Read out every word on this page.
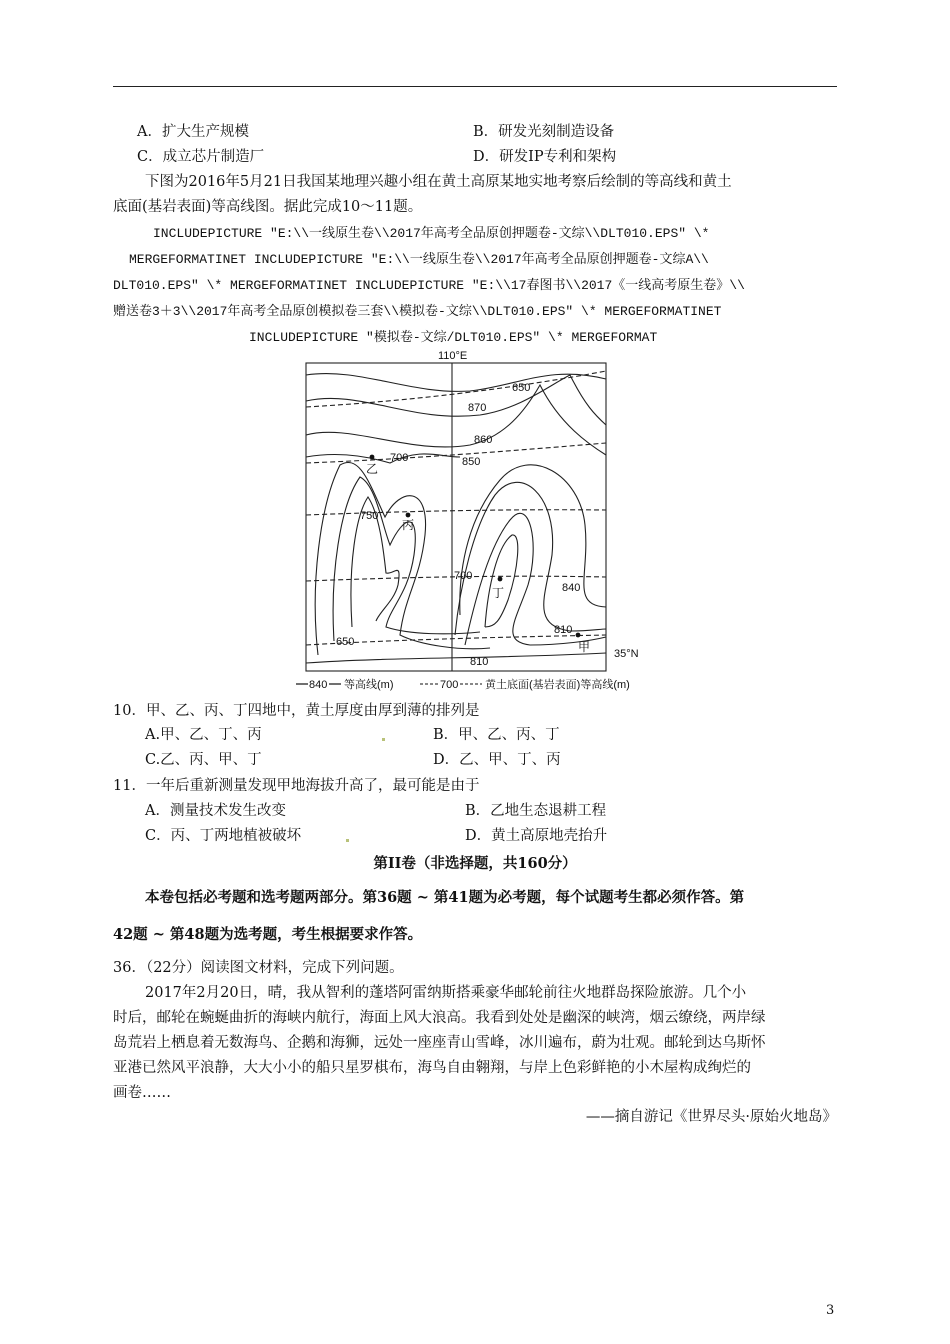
A．扩大生产规模	B．研发光刻制造设备
C．成立芯片制造厂	D．研发IP专利和架构
下图为2016年5月21日我国某地理兴趣小组在黄土高原某地实地考察后绘制的等高线和黄土
底面(基岩表面)等高线图。据此完成10～11题。
INCLUDEPICTURE "E:\\一线原生卷\\2017年高考全品原创押题卷-文综\\DLT010.EPS" \*
MERGEFORMATINET INCLUDEPICTURE "E:\\一线原生卷\\2017年高考全品原创押题卷-文综A\\
DLT010.EPS" \* MERGEFORMATINET INCLUDEPICTURE "E:\\17春图书\\2017《一线高考原生卷》\\
赠送卷3＋3\\2017年高考全品原创模拟卷三套\\模拟卷-文综\\DLT010.EPS" \* MERGEFORMATINET
INCLUDEPICTURE "模拟卷-文综/DLT010.EPS" \* MERGEFORMAT
110°E
35°N
650
870
860
850
700
750
700
840
810
650
810
乙
丙
丁
甲
840 等高线(m)	700 黄土底面(基岩表面)等高线(m)
10．甲、乙、丙、丁四地中，黄土厚度由厚到薄的排列是
A.甲、乙、丁、丙	B．甲、乙、丙、丁
C.乙、丙、甲、丁	D．乙、甲、丁、丙
11．一年后重新测量发现甲地海拔升高了，最可能是由于
A．测量技术发生改变	B．乙地生态退耕工程
C．丙、丁两地植被破坏	D．黄土高原地壳抬升
第II卷（非选择题，共160分）
本卷包括必考题和选考题两部分。第36题 ~ 第41题为必考题，每个试题考生都必须作答。第
42题 ~ 第48题为选考题，考生根据要求作答。
36．（22分）阅读图文材料，完成下列问题。
2017年2月20日，晴，我从智利的蓬塔阿雷纳斯搭乘豪华邮轮前往火地群岛探险旅游。几个小
时后，邮轮在蜿蜒曲折的海峡内航行，海面上风大浪高。我看到处处是幽深的峡湾，烟云缭绕，两岸绿
岛荒岩上栖息着无数海鸟、企鹅和海狮，远处一座座青山雪峰，冰川遍布，蔚为壮观。邮轮到达乌斯怀
亚港已然风平浪静，大大小小的船只星罗棋布，海鸟自由翱翔，与岸上色彩鲜艳的小木屋构成绚烂的
画卷……
——摘自游记《世界尽头·原始火地岛》
3
